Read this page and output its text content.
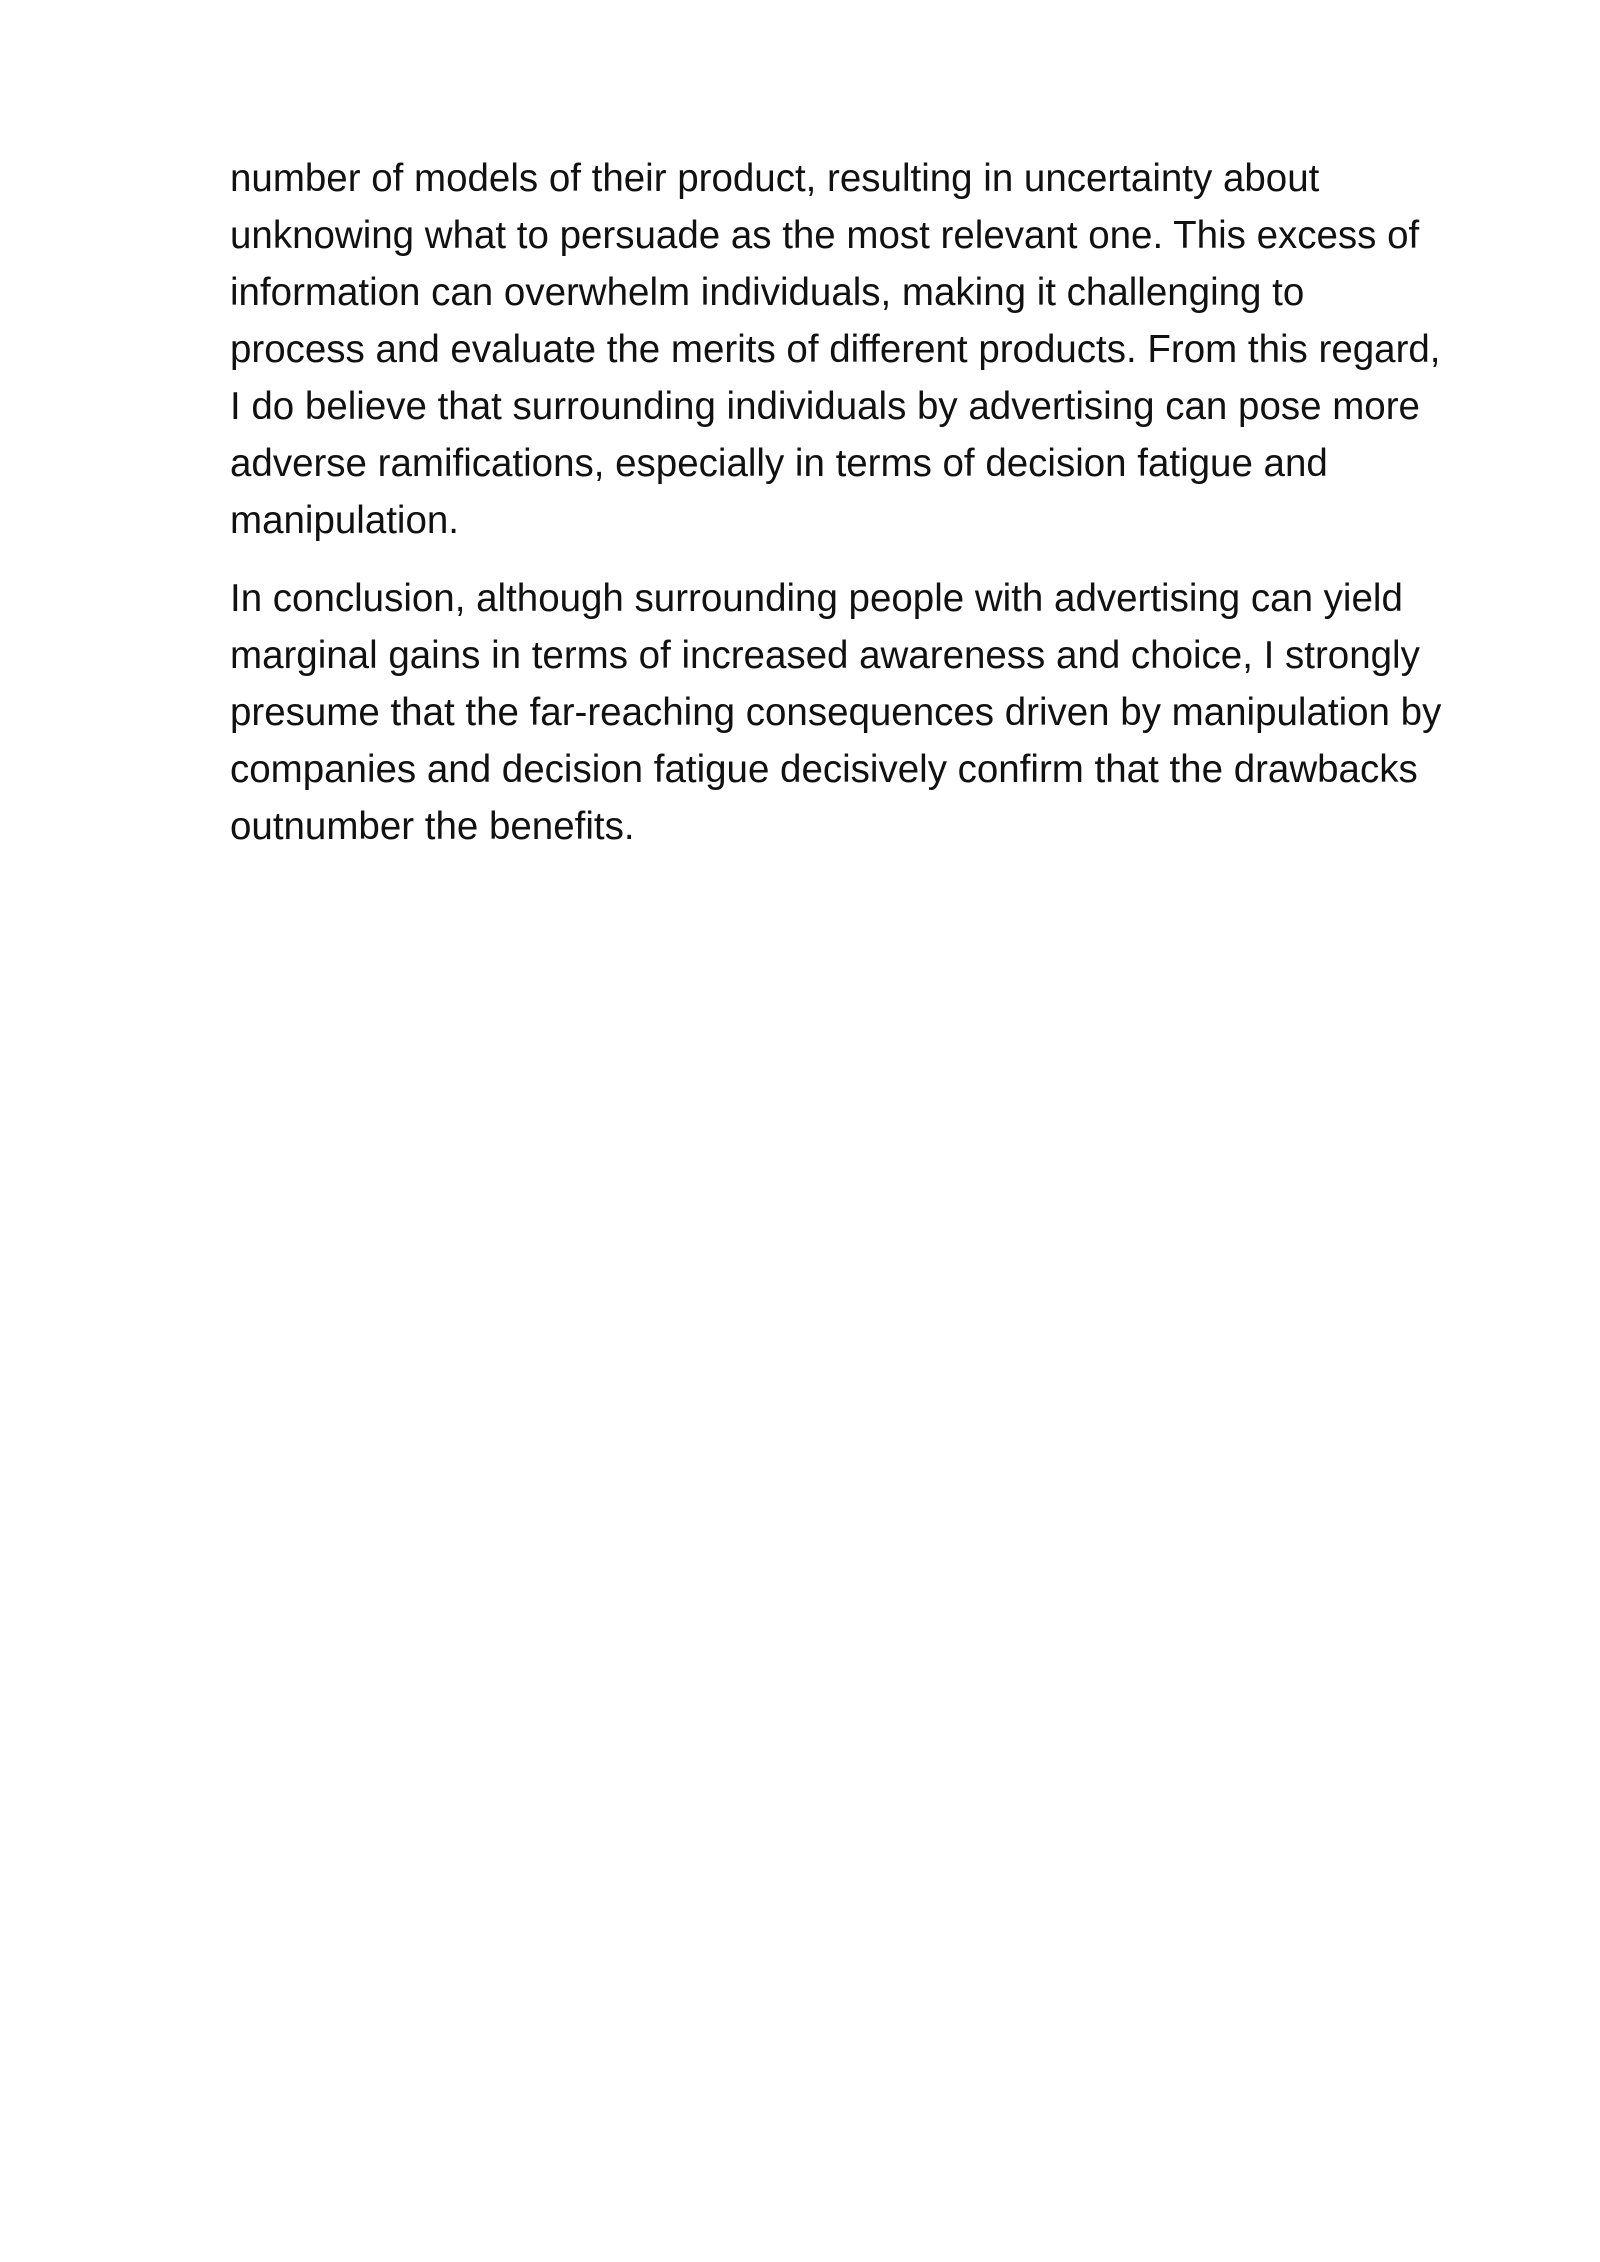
number of models of their product, resulting in uncertainty about
unknowing what to persuade as the most relevant one. This excess of
information can overwhelm individuals, making it challenging to
process and evaluate the merits of different products. From this regard,
I do believe that surrounding individuals by advertising can pose more
adverse ramifications, especially in terms of decision fatigue and
manipulation.

In conclusion, although surrounding people with advertising can yield
marginal gains in terms of increased awareness and choice, I strongly
presume that the far-reaching consequences driven by manipulation by
companies and decision fatigue decisively confirm that the drawbacks
outnumber the benefits.
